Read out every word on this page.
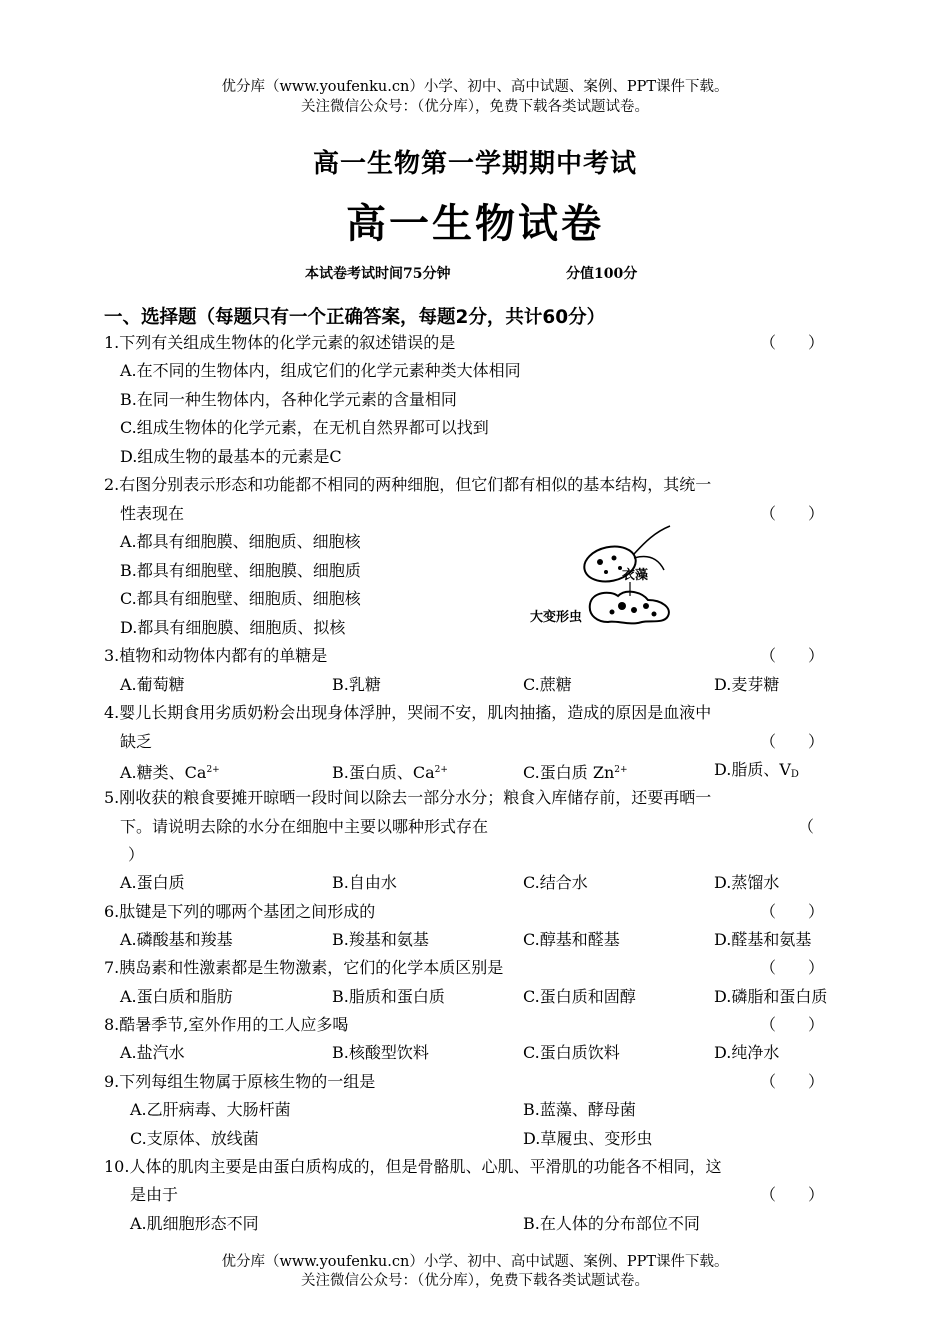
优分库（www.youfenku.cn）小学、初中、高中试题、案例、PPT课件下载。
关注微信公众号：（优分库），免费下载各类试题试卷。
高一生物第一学期期中考试
高一生物试卷
本试卷考试时间75分钟	分值100分
一、选择题（每题只有一个正确答案，每题2分，共计60分）
1.下列有关组成生物体的化学元素的叙述错误的是	（　　）
A.在不同的生物体内，组成它们的化学元素种类大体相同
B.在同一种生物体内，各种化学元素的含量相同
C.组成生物体的化学元素，在无机自然界都可以找到
D.组成生物的最基本的元素是C
2.右图分别表示形态和功能都不相同的两种细胞，但它们都有相似的基本结构，其统一
性表现在	（　　）
A.都具有细胞膜、细胞质、细胞核
B.都具有细胞壁、细胞膜、细胞质
C.都具有细胞壁、细胞质、细胞核
D.都具有细胞膜、细胞质、拟核
衣藻
大变形虫
3.植物和动物体内都有的单糖是	（　　）
A.葡萄糖	B.乳糖	C.蔗糖	D.麦芽糖
4.婴儿长期食用劣质奶粉会出现身体浮肿，哭闹不安，肌肉抽搐，造成的原因是血液中
缺乏	（　　）
A.糖类、$Ca^{2+}$	B.蛋白质、$Ca^{2+}$	C.蛋白质 $Zn^{2+}$	D.脂质、$V_D$
5.刚收获的粮食要摊开晾晒一段时间以除去一部分水分；粮食入库储存前，还要再晒一
下。请说明去除的水分在细胞中主要以哪种形式存在	（
）
A.蛋白质	B.自由水	C.结合水	D.蒸馏水
6.肽键是下列的哪两个基团之间形成的	（　　）
A.磷酸基和羧基	B.羧基和氨基	C.醇基和醛基	D.醛基和氨基
7.胰岛素和性激素都是生物激素，它们的化学本质区别是	（　　）
A.蛋白质和脂肪	B.脂质和蛋白质	C.蛋白质和固醇	D.磷脂和蛋白质
8.酷暑季节,室外作用的工人应多喝	（　　）
A.盐汽水	B.核酸型饮料	C.蛋白质饮料	D.纯净水
9.下列每组生物属于原核生物的一组是	（　　）
A.乙肝病毒、大肠杆菌	B.蓝藻、酵母菌
C.支原体、放线菌	D.草履虫、变形虫
10.人体的肌肉主要是由蛋白质构成的，但是骨骼肌、心肌、平滑肌的功能各不相同，这
是由于	（　　）
A.肌细胞形态不同	B.在人体的分布部位不同
优分库（www.youfenku.cn）小学、初中、高中试题、案例、PPT课件下载。
关注微信公众号：（优分库），免费下载各类试题试卷。
